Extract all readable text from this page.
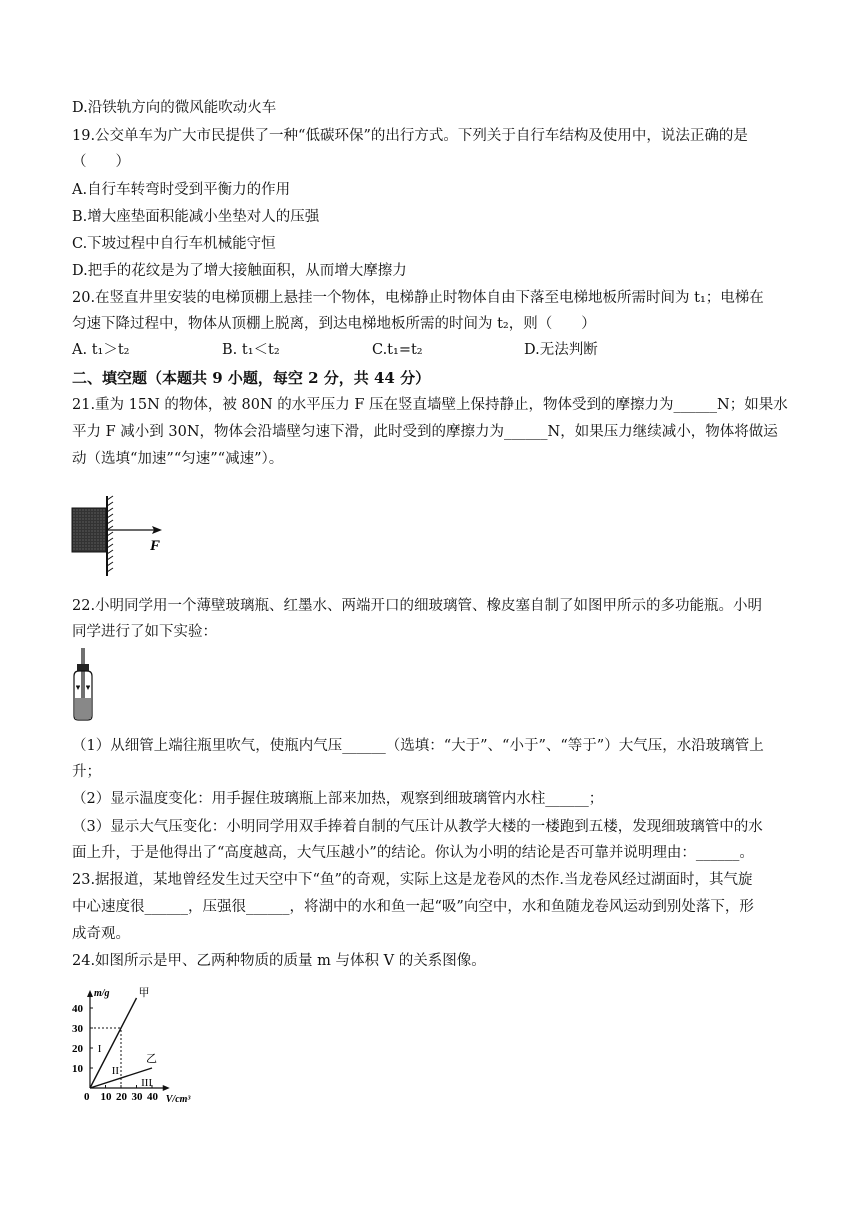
D.沿铁轨方向的微风能吹动火车
19.公交单车为广大市民提供了一种“低碳环保”的出行方式。下列关于自行车结构及使用中，说法正确的是
（　　）
A.自行车转弯时受到平衡力的作用
B.增大座垫面积能减小坐垫对人的压强
C.下坡过程中自行车机械能守恒
D.把手的花纹是为了增大接触面积，从而增大摩擦力
20.在竖直井里安装的电梯顶棚上悬挂一个物体，电梯静止时物体自由下落至电梯地板所需时间为 t₁；电梯在
匀速下降过程中，物体从顶棚上脱离，到达电梯地板所需的时间为 t₂，则（　　）
A. t₁＞t₂	B. t₁＜t₂	C.t₁=t₂	D.无法判断
二、填空题（本题共 9 小题，每空 2 分，共 44 分）
21.重为 15N 的物体，被 80N 的水平压力 F 压在竖直墙壁上保持静止，物体受到的摩擦力为______N；如果水
平力 F 减小到 30N，物体会沿墙壁匀速下滑，此时受到的摩擦力为______N，如果压力继续减小，物体将做运
动（选填“加速”“匀速”“减速”）。
F
22.小明同学用一个薄壁玻璃瓶、红墨水、两端开口的细玻璃管、橡皮塞自制了如图甲所示的多功能瓶。小明
同学进行了如下实验：
（1）从细管上端往瓶里吹气，使瓶内气压______（选填：“大于”、“小于”、“等于”）大气压，水沿玻璃管上
升；
（2）显示温度变化：用手握住玻璃瓶上部来加热，观察到细玻璃管内水柱______；
（3）显示大气压变化：小明同学用双手捧着自制的气压计从教学大楼的一楼跑到五楼，发现细玻璃管中的水
面上升，于是他得出了“高度越高，大气压越小”的结论。你认为小明的结论是否可靠并说明理由：______。
23.据报道，某地曾经发生过天空中下“鱼”的奇观，实际上这是龙卷风的杰作.当龙卷风经过湖面时，其气旋
中心速度很______，压强很______，将湖中的水和鱼一起“吸”向空中，水和鱼随龙卷风运动到别处落下，形
成奇观。
24.如图所示是甲、乙两种物质的质量 m 与体积 V 的关系图像。
0 10 20 30 40
10
20
30
40
m/g
V/cm³
甲
乙
I
II
III
